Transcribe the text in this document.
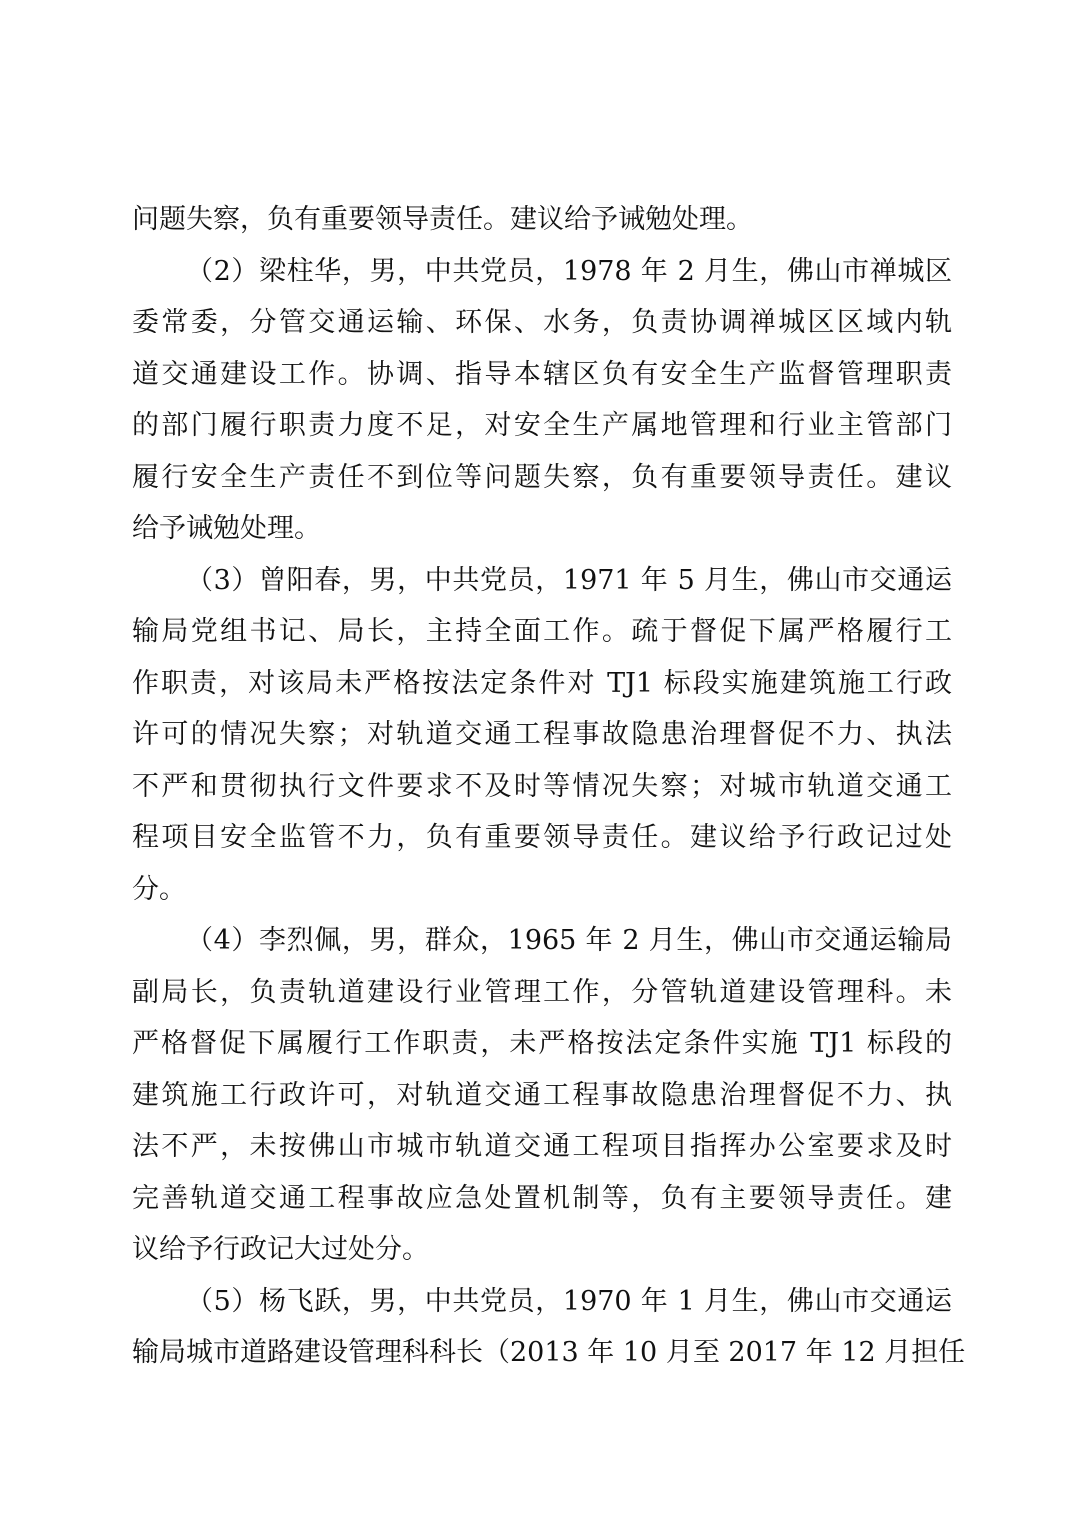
问题失察，负有重要领导责任。建议给予诫勉处理。
（2）梁柱华，男，中共党员，1978 年 2 月生，佛山市禅城区
委常委，分管交通运输、环保、水务，负责协调禅城区区域内轨
道交通建设工作。协调、指导本辖区负有安全生产监督管理职责
的部门履行职责力度不足，对安全生产属地管理和行业主管部门
履行安全生产责任不到位等问题失察，负有重要领导责任。建议
给予诫勉处理。
（3）曾阳春，男，中共党员，1971 年 5 月生，佛山市交通运
输局党组书记、局长，主持全面工作。疏于督促下属严格履行工
作职责，对该局未严格按法定条件对 TJ1 标段实施建筑施工行政
许可的情况失察；对轨道交通工程事故隐患治理督促不力、执法
不严和贯彻执行文件要求不及时等情况失察；对城市轨道交通工
程项目安全监管不力，负有重要领导责任。建议给予行政记过处
分。
（4）李烈佩，男，群众，1965 年 2 月生，佛山市交通运输局
副局长，负责轨道建设行业管理工作，分管轨道建设管理科。未
严格督促下属履行工作职责，未严格按法定条件实施 TJ1 标段的
建筑施工行政许可，对轨道交通工程事故隐患治理督促不力、执
法不严，未按佛山市城市轨道交通工程项目指挥办公室要求及时
完善轨道交通工程事故应急处置机制等，负有主要领导责任。建
议给予行政记大过处分。
（5）杨飞跃，男，中共党员，1970 年 1 月生，佛山市交通运
输局城市道路建设管理科科长（2013 年 10 月至 2017 年 12 月担任
